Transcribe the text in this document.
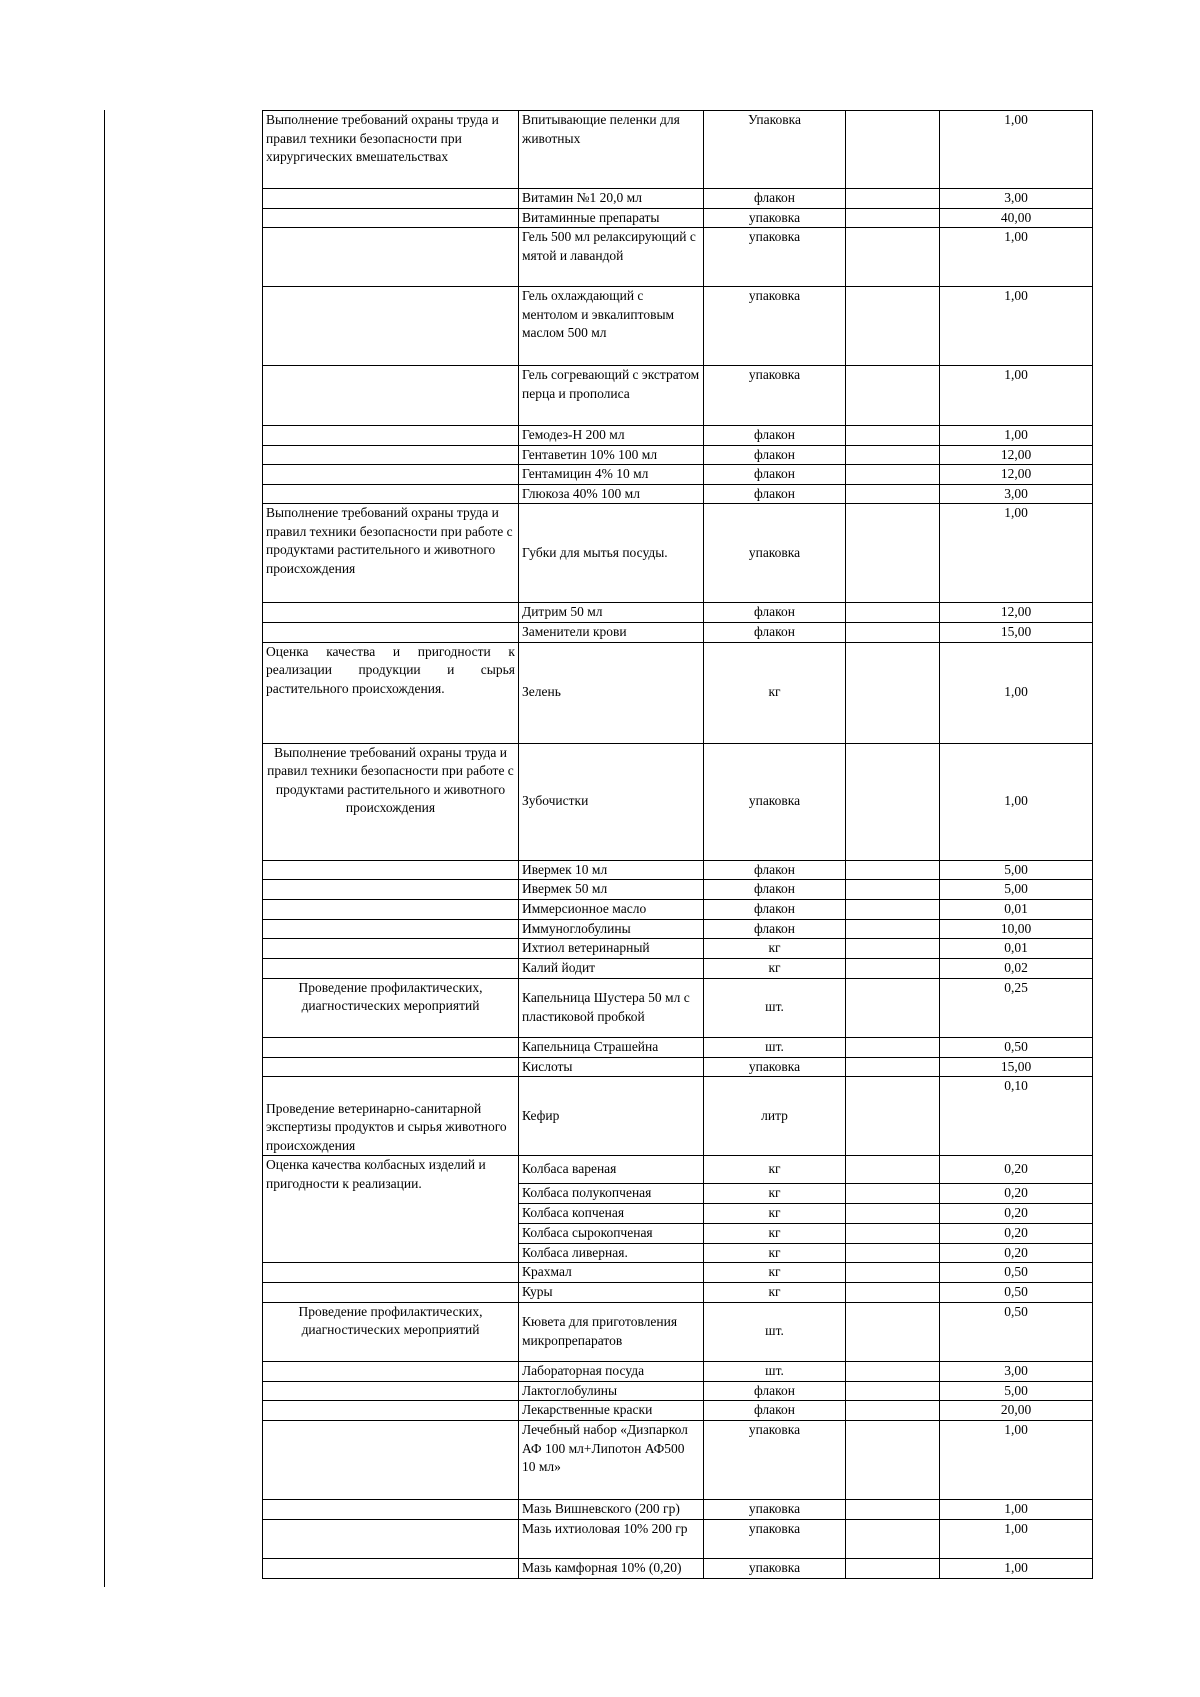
Выполнение требований охраны труда и правил техники безопасности при хирургических вмешательствах	Впитывающие пеленки для животных	Упаковка		1,00
	Витамин №1 20,0 мл	флакон		3,00
	Витаминные препараты	упаковка		40,00
	Гель 500 мл релаксирующий с мятой и лавандой	упаковка		1,00
	Гель охлаждающий с ментолом и эвкалиптовым маслом 500 мл	упаковка		1,00
	Гель согревающий с экстратом перца и прополиса	упаковка		1,00
	Гемодез-Н 200 мл	флакон		1,00
	Гентаветин 10% 100 мл	флакон		12,00
	Гентамицин 4% 10 мл	флакон		12,00
	Глюкоза 40% 100 мл	флакон		3,00
Выполнение требований охраны труда и правил техники безопасности при работе с продуктами растительного и животного происхождения	Губки для мытья посуды.	упаковка		1,00
	Дитрим 50 мл	флакон		12,00
	Заменители крови	флакон		15,00
Оценка качества и пригодности к реализации продукции и сырья растительного происхождения.	Зелень	кг		1,00
Выполнение требований охраны труда и правил техники безопасности при работе с продуктами растительного и животного происхождения	Зубочистки	упаковка		1,00
	Ивермек 10 мл	флакон		5,00
	Ивермек 50 мл	флакон		5,00
	Иммерсионное масло	флакон		0,01
	Иммуноглобулины	флакон		10,00
	Ихтиол ветеринарный	кг		0,01
	Калий йодит	кг		0,02
Проведение профилактических, диагностических мероприятий	Капельница Шустера 50 мл с пластиковой пробкой	шт.		0,25
	Капельница Страшейна	шт.		0,50
	Кислоты	упаковка		15,00
Проведение ветеринарно-санитарной экспертизы продуктов и сырья животного происхождения	Кефир	литр		0,10
Оценка качества колбасных изделий и пригодности к реализации.	Колбаса вареная	кг		0,20
	Колбаса полукопченая	кг		0,20
	Колбаса копченая	кг		0,20
	Колбаса сырокопченая	кг		0,20
	Колбаса ливерная.	кг		0,20
	Крахмал	кг		0,50
	Куры	кг		0,50
Проведение профилактических, диагностических мероприятий	Кювета для приготовления микропрепаратов	шт.		0,50
	Лабораторная посуда	шт.		3,00
	Лактоглобулины	флакон		5,00
	Лекарственные краски	флакон		20,00
	Лечебный набор «Дизпаркол АФ 100 мл+Липотон АФ500 10 мл»	упаковка		1,00
	Мазь Вишневского (200 гр)	упаковка		1,00
	Мазь ихтиоловая 10% 200 гр	упаковка		1,00
	Мазь камфорная 10% (0,20)	упаковка		1,00
